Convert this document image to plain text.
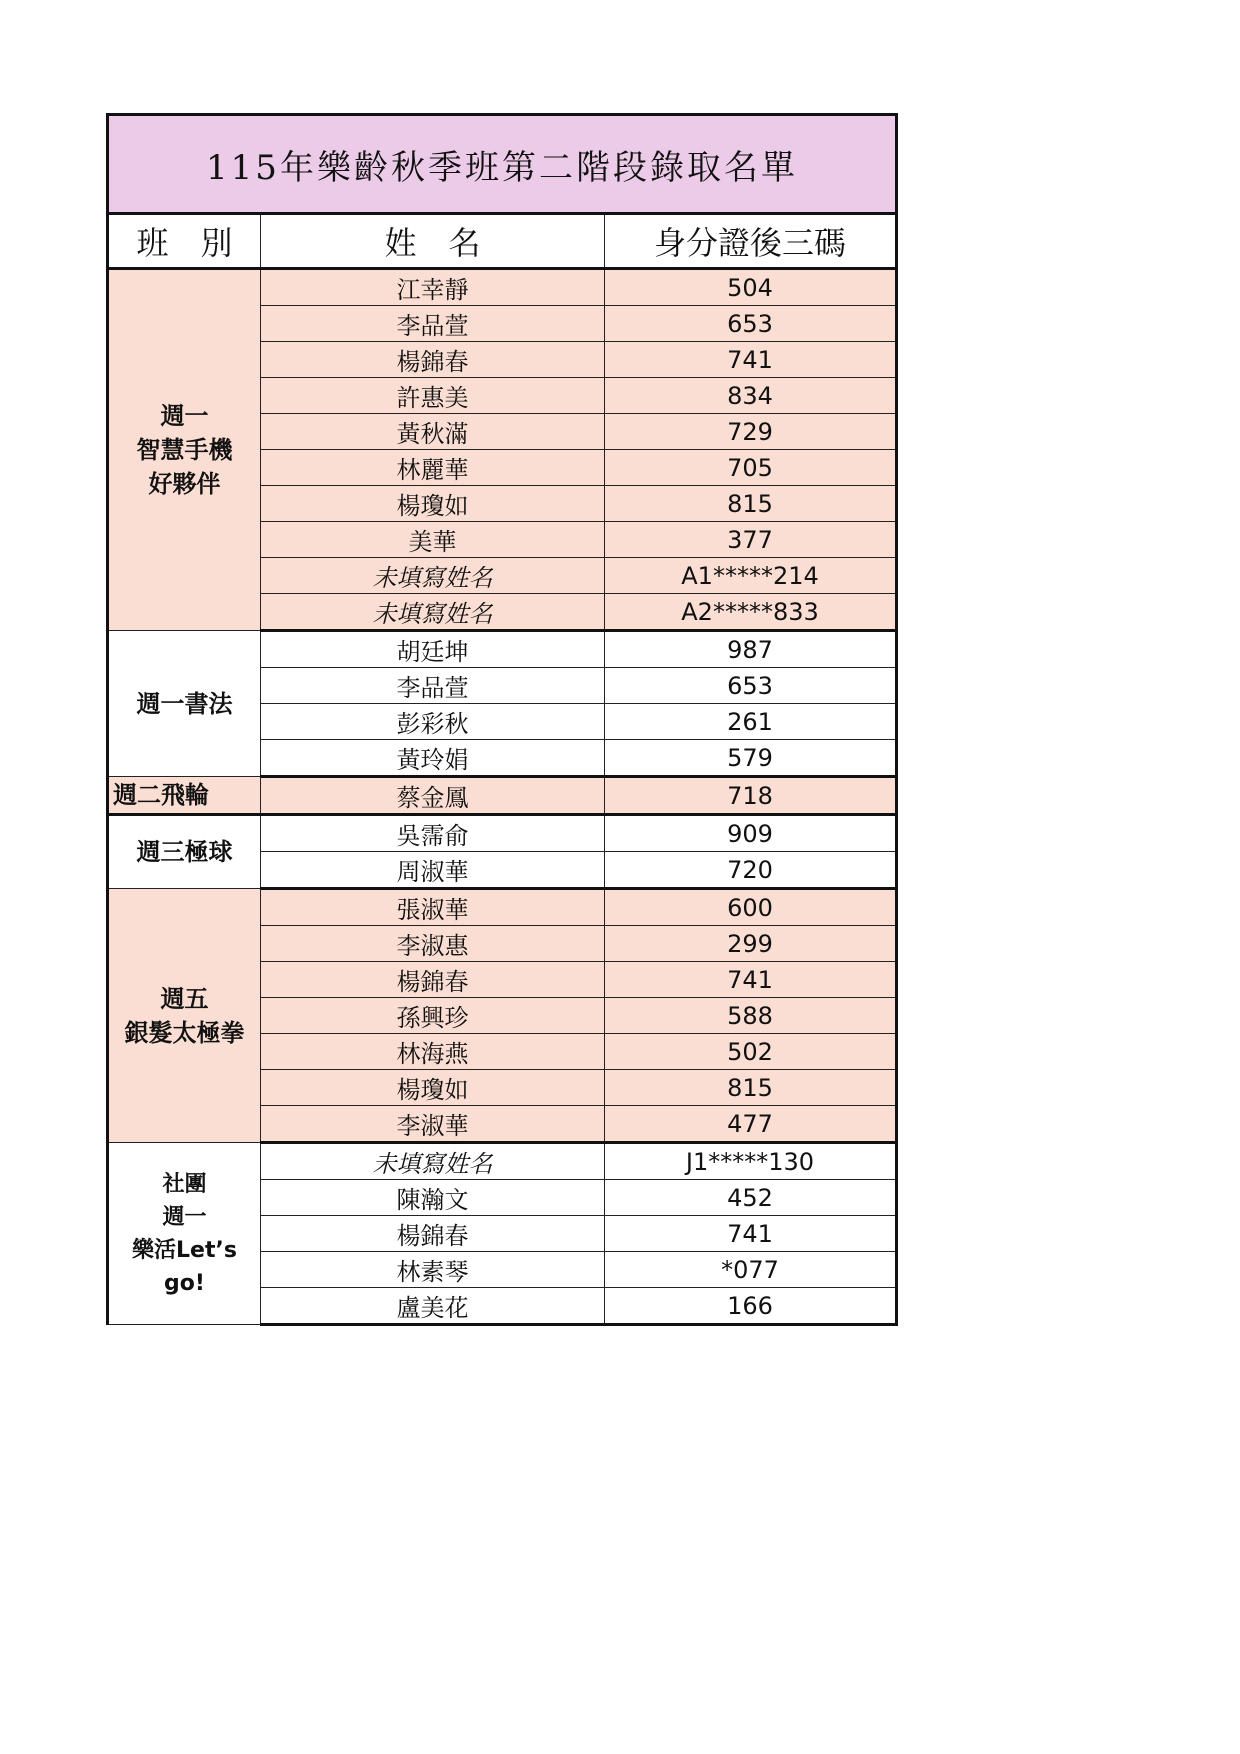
115年樂齡秋季班第二階段錄取名單		
班　別	姓　名	身分證後三碼

週一
智慧手機
好夥伴	江幸靜	504
	李品萱	653
	楊錦春	741
	許惠美	834
	黃秋滿	729
	林麗華	705
	楊瓊如	815
	美華	377
	未填寫姓名	A1*****214
	未填寫姓名	A2*****833

週一書法	胡廷坤	987
	李品萱	653
	彭彩秋	261
	黃玲娟	579

週二飛輪	蔡金鳳	718

週三極球	吳霈俞	909
	周淑華	720

週五
銀髮太極拳	張淑華	600
	李淑惠	299
	楊錦春	741
	孫興珍	588
	林海燕	502
	楊瓊如	815
	李淑華	477

社團
週一
樂活Let’s
go!	未填寫姓名	J1*****130
	陳瀚文	452
	楊錦春	741
	林素琴	*077
	盧美花	166
